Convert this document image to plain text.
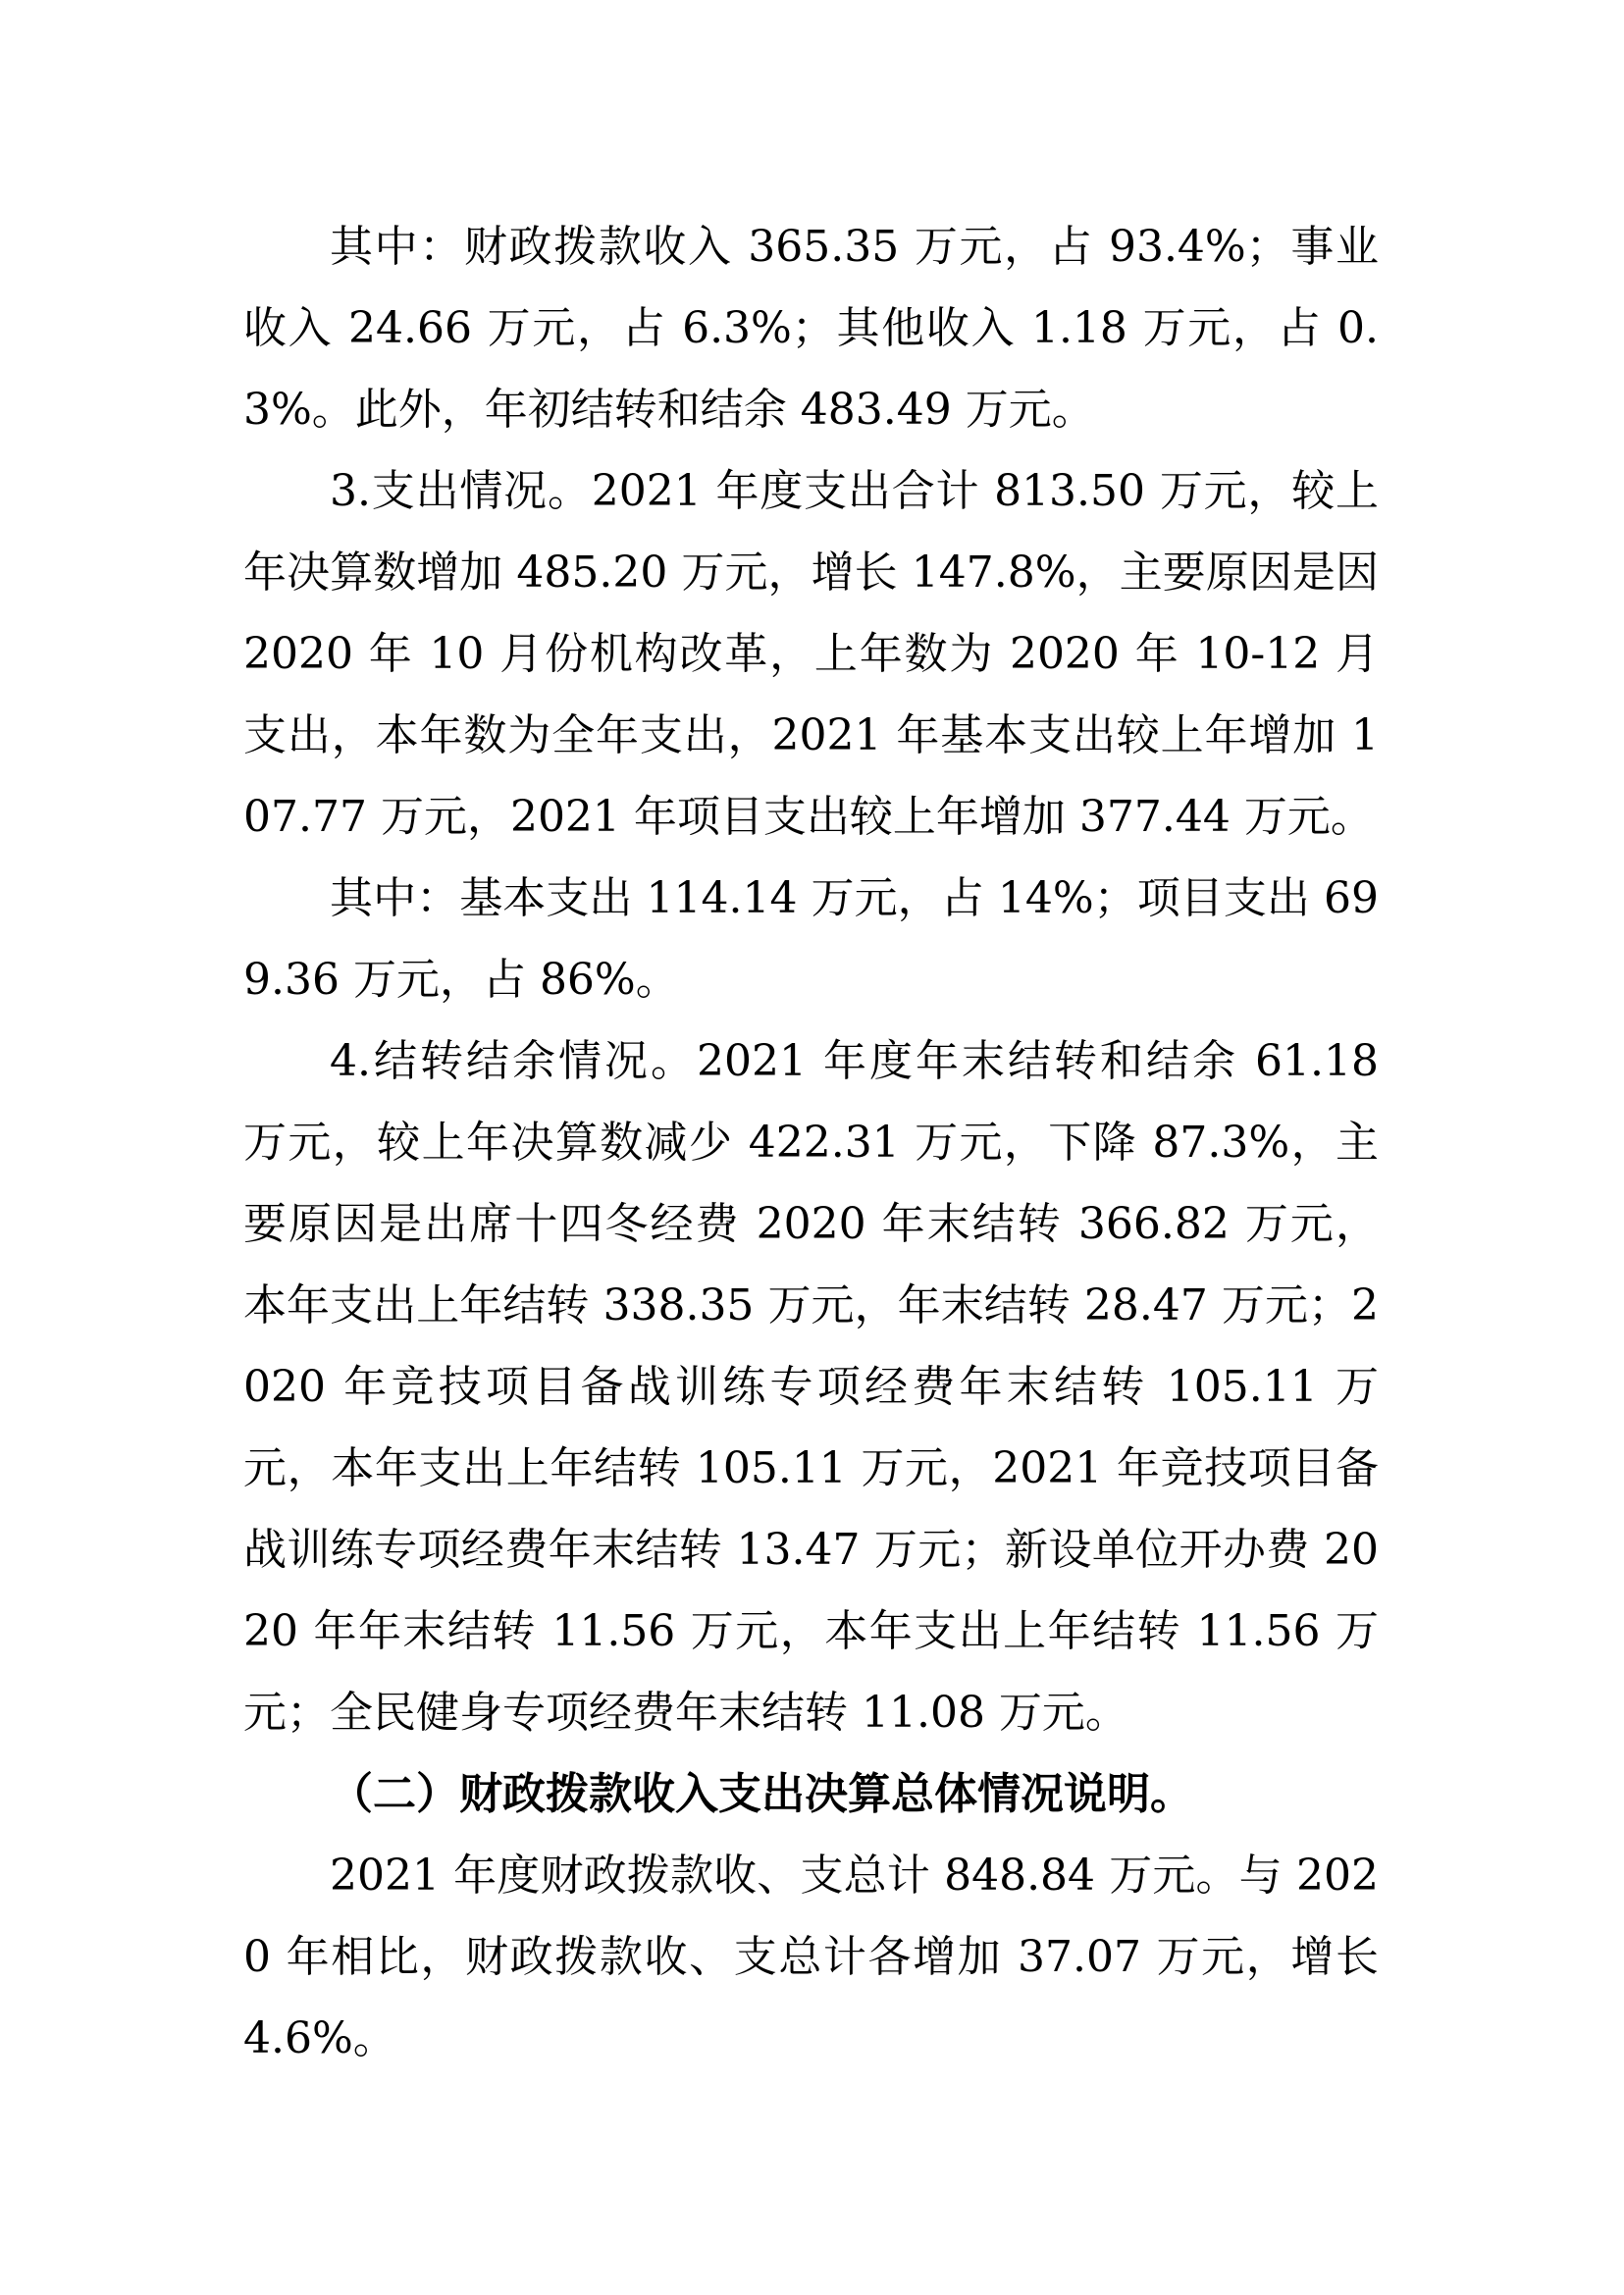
其中：财政拨款收入 365.35 万元，占 93.4%；事业收入 24.66 万元，占 6.3%；其他收入 1.18 万元，占 0.3%。此外，年初结转和结余 483.49 万元。

3.支出情况。2021 年度支出合计 813.50 万元，较上年决算数增加 485.20 万元，增长 147.8%，主要原因是因 2020 年 10 月份机构改革，上年数为 2020 年 10-12 月支出，本年数为全年支出，2021 年基本支出较上年增加 107.77 万元，2021 年项目支出较上年增加 377.44 万元。

其中：基本支出 114.14 万元，占 14%；项目支出 699.36 万元，占 86%。

4.结转结余情况。2021 年度年末结转和结余 61.18 万元，较上年决算数减少 422.31 万元，下降 87.3%，主要原因是出席十四冬经费 2020 年末结转 366.82 万元，本年支出上年结转 338.35 万元，年末结转 28.47 万元；2020 年竞技项目备战训练专项经费年末结转 105.11 万元，本年支出上年结转 105.11 万元，2021 年竞技项目备战训练专项经费年末结转 13.47 万元；新设单位开办费 2020 年年末结转 11.56 万元，本年支出上年结转 11.56 万元；全民健身专项经费年末结转 11.08 万元。

（二）财政拨款收入支出决算总体情况说明。

2021 年度财政拨款收、支总计 848.84 万元。与 2020 年相比，财政拨款收、支总计各增加 37.07 万元，增长 4.6%。
